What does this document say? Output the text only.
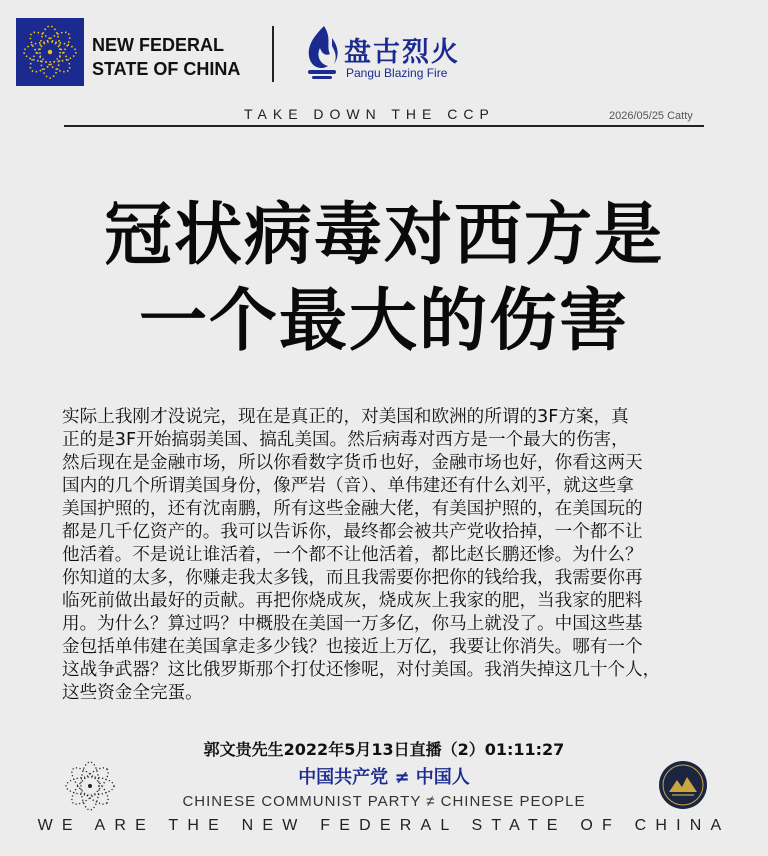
NEW FEDERAL
STATE OF CHINA
盘古烈火
Pangu Blazing Fire
TAKE DOWN THE CCP	2026/05/25 Catty
冠状病毒对西方是
一个最大的伤害
实际上我刚才没说完，现在是真正的，对美国和欧洲的所谓的3F方案，真
正的是3F开始搞弱美国、搞乱美国。然后病毒对西方是一个最大的伤害，
然后现在是金融市场，所以你看数字货币也好，金融市场也好，你看这两天
国内的几个所谓美国身份，像严岩（音）、单伟建还有什么刘平，就这些拿
美国护照的，还有沈南鹏，所有这些金融大佬，有美国护照的，在美国玩的
都是几千亿资产的。我可以告诉你，最终都会被共产党收拾掉，一个都不让
他活着。不是说让谁活着，一个都不让他活着，都比赵长鹏还惨。为什么？
你知道的太多，你赚走我太多钱，而且我需要你把你的钱给我，我需要你再
临死前做出最好的贡献。再把你烧成灰，烧成灰上我家的肥，当我家的肥料
用。为什么？算过吗？中概股在美国一万多亿，你马上就没了。中国这些基
金包括单伟建在美国拿走多少钱？也接近上万亿，我要让你消失。哪有一个
这战争武器？这比俄罗斯那个打仗还惨呢，对付美国。我消失掉这几十个人，
这些资金全完蛋。
郭文贵先生2022年5月13日直播（2）01:11:27
中国共产党 ≠ 中国人
CHINESE COMMUNIST PARTY ≠ CHINESE PEOPLE
WE ARE THE NEW FEDERAL STATE OF CHINA
